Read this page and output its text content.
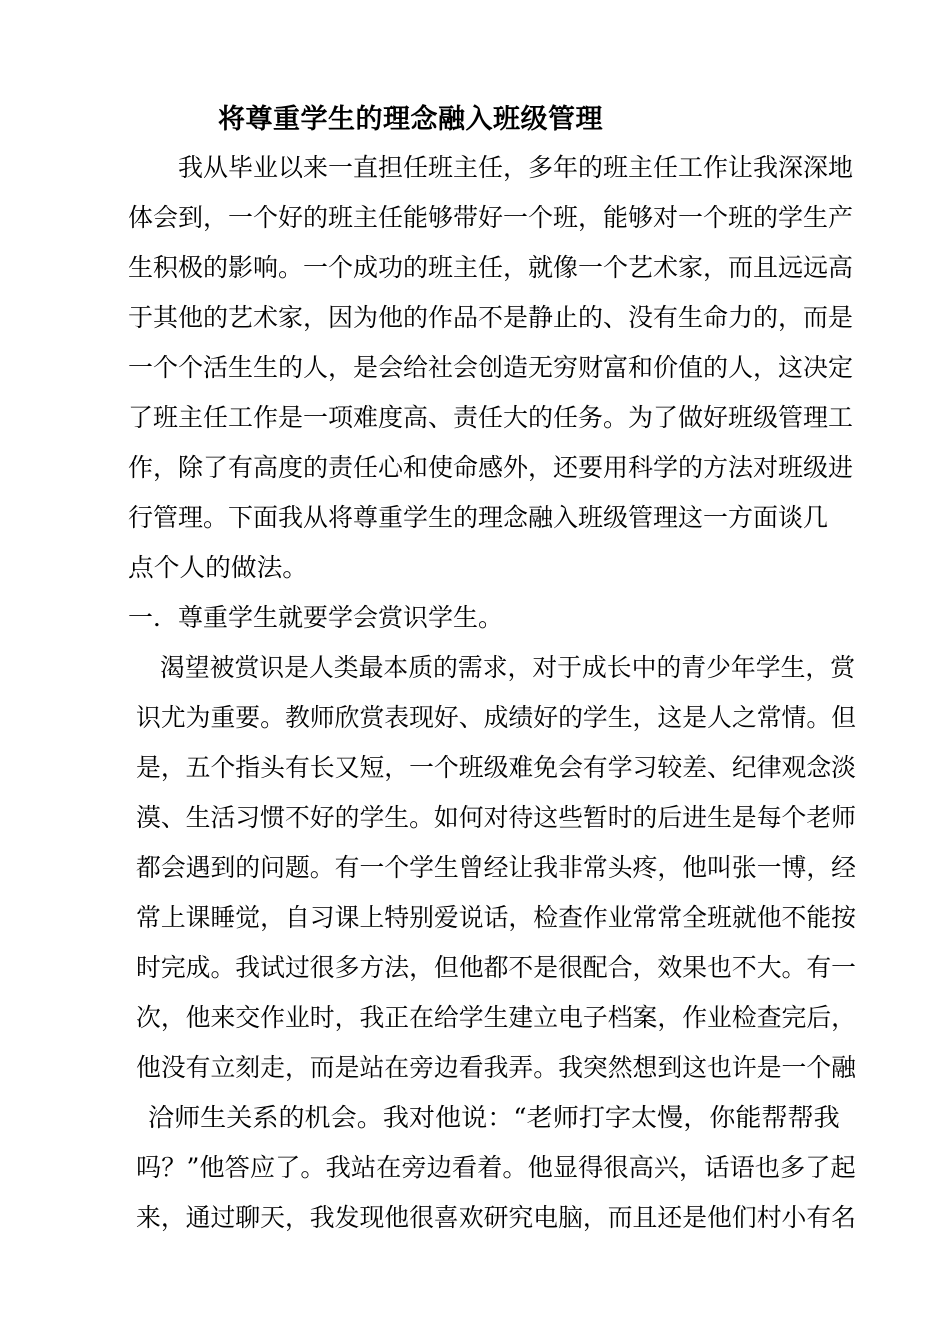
将尊重学生的理念融入班级管理
我从毕业以来一直担任班主任，多年的班主任工作让我深深地
体会到，一个好的班主任能够带好一个班，能够对一个班的学生产
生积极的影响。一个成功的班主任，就像一个艺术家，而且远远高
于其他的艺术家，因为他的作品不是静止的、没有生命力的，而是
一个个活生生的人，是会给社会创造无穷财富和价值的人，这决定
了班主任工作是一项难度高、责任大的任务。为了做好班级管理工
作，除了有高度的责任心和使命感外，还要用科学的方法对班级进
行管理。下面我从将尊重学生的理念融入班级管理这一方面谈几
点个人的做法。
一．尊重学生就要学会赏识学生。
渴望被赏识是人类最本质的需求，对于成长中的青少年学生，赏
识尤为重要。教师欣赏表现好、成绩好的学生，这是人之常情。但
是，五个指头有长又短，一个班级难免会有学习较差、纪律观念淡
漠、生活习惯不好的学生。如何对待这些暂时的后进生是每个老师
都会遇到的问题。有一个学生曾经让我非常头疼，他叫张一博，经
常上课睡觉，自习课上特别爱说话，检查作业常常全班就他不能按
时完成。我试过很多方法，但他都不是很配合，效果也不大。有一
次，他来交作业时，我正在给学生建立电子档案，作业检查完后，
他没有立刻走，而是站在旁边看我弄。我突然想到这也许是一个融
洽师生关系的机会。我对他说：“老师打字太慢，你能帮帮我
吗？”他答应了。我站在旁边看着。他显得很高兴，话语也多了起
来，通过聊天，我发现他很喜欢研究电脑，而且还是他们村小有名
